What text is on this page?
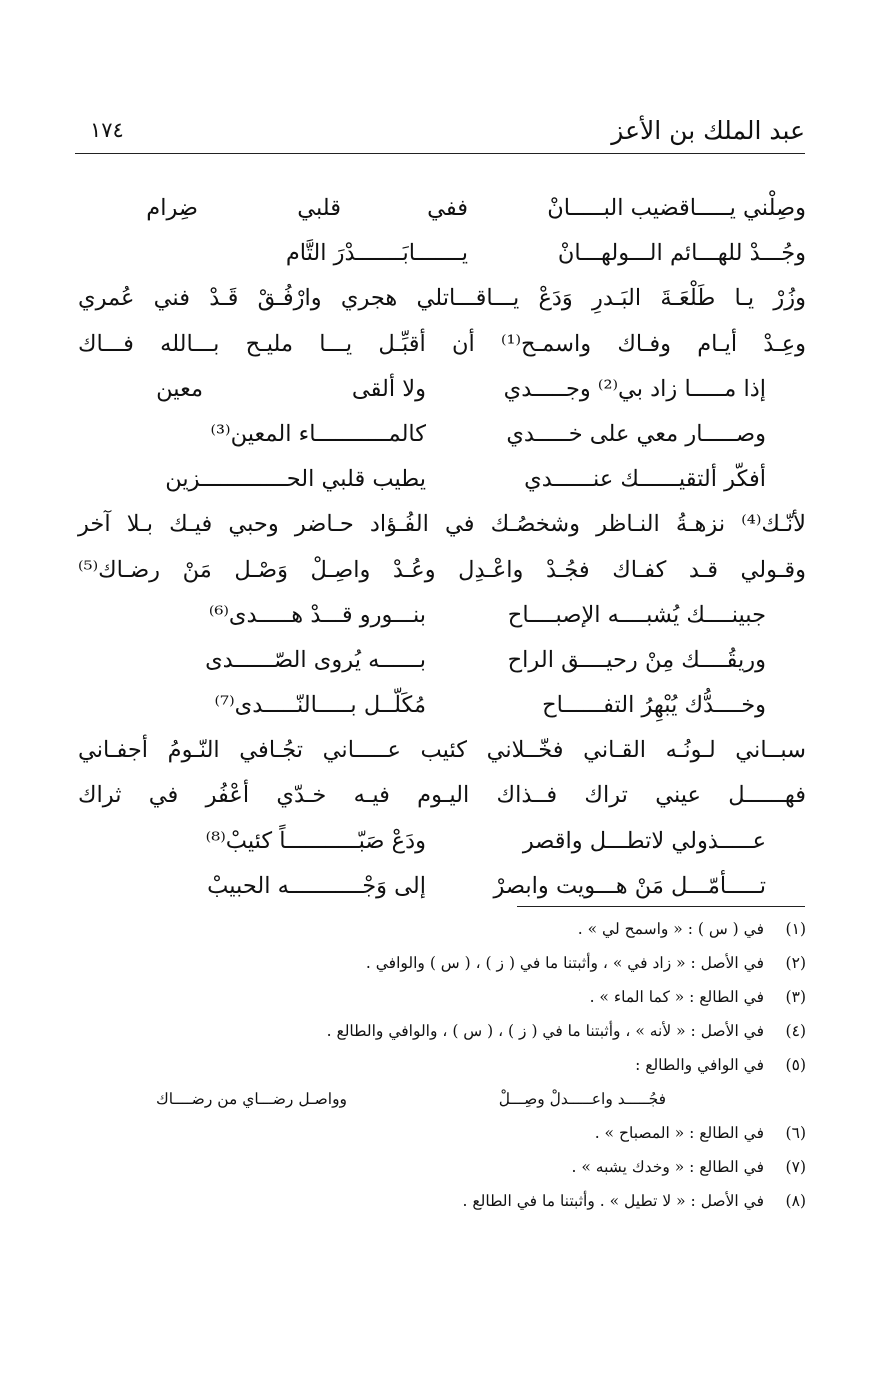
عبد الملك بن الأعز
١٧٤
وصِلْني يـــــاقضيب البـــــانْ
ففي
قلبي
ضِرام
وجُـــدْ للهـــائم الـــولهـــانْ
يـــــــابَـــــــدْرَ التَّام
وزُرْ يـا طَلْعَـةَ البَـدرِ وَدَعْ يـــاقـــاتلي هجري وارْفُـقْ قَـدْ فني عُمري
وعِـدْ أيـام وفـاك واسمـح⁽¹⁾ أن أقبِّـل يـــا مليـح بـــالله فـــاك
إذا مـــــا زاد بي⁽²⁾ وجـــــدي
ولا ألقى
معين
وصـــــار معي على خـــــدي
كالمـــــــــــاء المعين⁽³⁾
أفكّر ألتقيــــــك عنــــــدي
يطيب قلبي الحـــــــــــــزين
لأنّـك⁽⁴⁾ نزهـةُ النـاظر وشخصُـك في الفُـؤاد حـاضر وحبي فيـك بـلا آخر
وقـولي قـد كفـاك فجُـدْ واعْـدِل وعُـدْ واصِـلْ وَصْـل مَنْ رضـاك⁽⁵⁾
جبينــــك يُشبــــه الإصبــــاح
بنـــورو قـــدْ هـــــدى⁽⁶⁾
وريقُــــك مِنْ رحيــــق الراح
بــــــه يُروى الصّــــــدى
وخــــدُّك يُبْهِرُ التفــــــاح
مُكَلّــل بـــــالنّـــــدى⁽⁷⁾
سبــاني لـونُـه القـاني فخّــلاني كئيب عـــــاني تجُـافي النّـومُ أجفـاني
فهــــــل عيني تراك فــذاك اليـوم فيـه خـدّي أعْفُر في ثراك
عـــــذولي لاتطـــل واقصر
ودَعْ صَبّـــــــــــاً كئيبْ⁽⁸⁾
تـــــأمّـــل مَنْ هـــويت وابصرْ
إلى وَجْـــــــــــه الحبيبْ
(١)
في ( س ) : « واسمح لي » .
(٢)
في الأصل : « زاد في » ، وأثبتنا ما في ( ز ) ، ( س ) والوافي .
(٣)
في الطالع : « كما الماء » .
(٤)
في الأصل : « لأنه » ، وأثبتنا ما في ( ز ) ، ( س ) ، والوافي والطالع .
(٥)
في الوافي والطالع :
فجُـــــد واعـــــدلْ وصِـــلْ
وواصـل رضـــاي من رضــــاك
(٦)
في الطالع : « المصباح » .
(٧)
في الطالع : « وخدك يشبه » .
(٨)
في الأصل : « لا تطيل » . وأثبتنا ما في الطالع .
